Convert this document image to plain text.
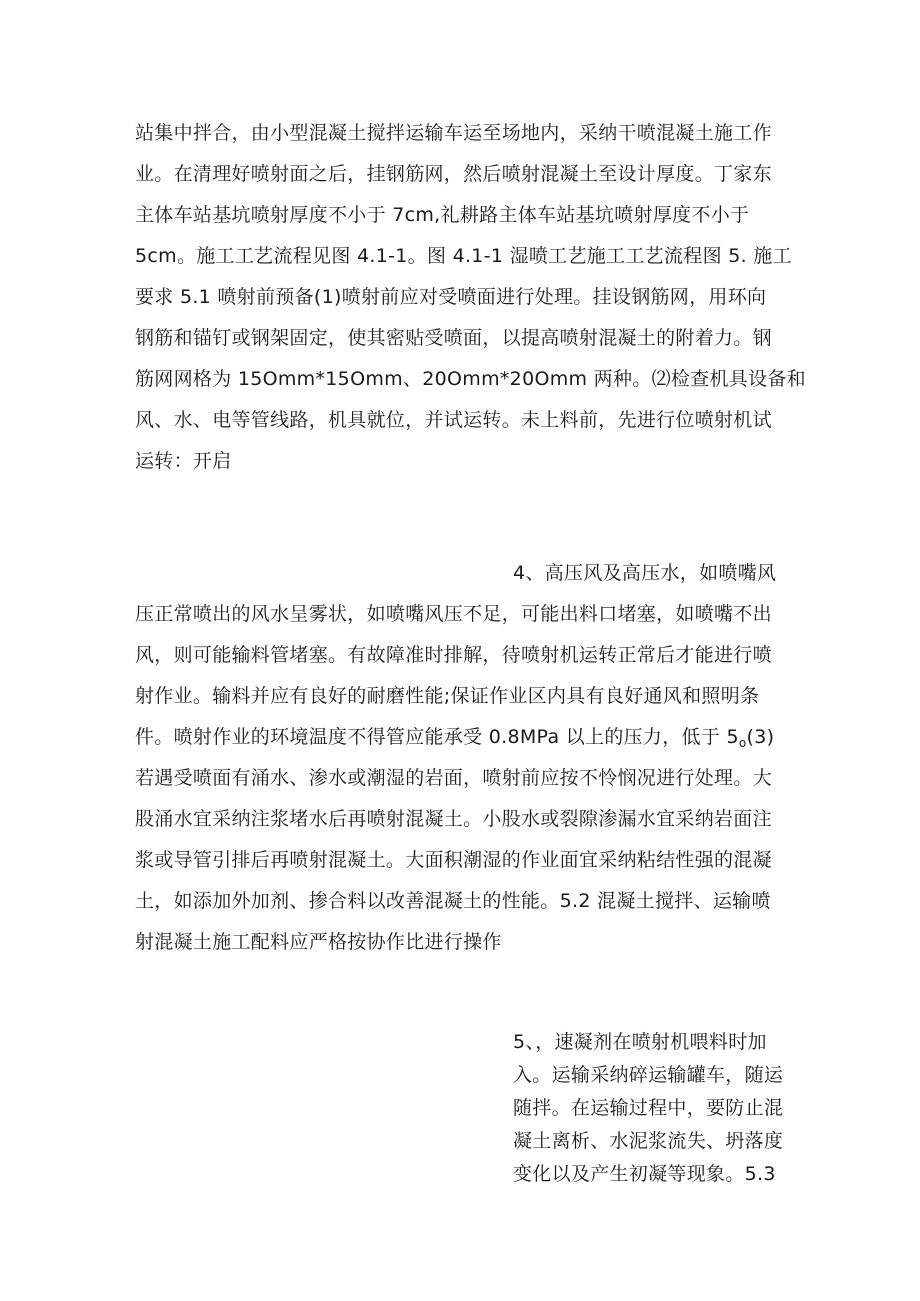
站集中拌合，由小型混凝土搅拌运输车运至场地内，采纳干喷混凝土施工作
业。在清理好喷射面之后，挂钢筋网，然后喷射混凝土至设计厚度。丁家东
主体车站基坑喷射厚度不小于 7cm,礼耕路主体车站基坑喷射厚度不小于
5cm。施工工艺流程见图 4.1-1。图 4.1-1 湿喷工艺施工工艺流程图 5. 施工
要求 5.1 喷射前预备(1)喷射前应对受喷面进行处理。挂设钢筋网，用环向
钢筋和锚钉或钢架固定，使其密贴受喷面，以提高喷射混凝土的附着力。钢
筋网网格为 15Omm*15Omm、20Omm*20Omm 两种。⑵检查机具设备和
风、水、电等管线路，机具就位，并试运转。未上料前，先进行位喷射机试
运转：开启
4、高压风及高压水，如喷嘴风
压正常喷出的风水呈雾状，如喷嘴风压不足，可能出料口堵塞，如喷嘴不出
风，则可能输料管堵塞。有故障准时排解，待喷射机运转正常后才能进行喷
射作业。输料并应有良好的耐磨性能;保证作业区内具有良好通风和照明条
件。喷射作业的环境温度不得管应能承受 0.8MPa 以上的压力，低于 $5_o(3)$
若遇受喷面有涌水、渗水或潮湿的岩面，喷射前应按不怜悯况进行处理。大
股涌水宜采纳注浆堵水后再喷射混凝土。小股水或裂隙渗漏水宜采纳岩面注
浆或导管引排后再喷射混凝土。大面积潮湿的作业面宜采纳粘结性强的混凝
土，如添加外加剂、掺合料以改善混凝土的性能。5.2 混凝土搅拌、运输喷
射混凝土施工配料应严格按协作比进行操作
5、，速凝剂在喷射机喂料时加
入。运输采纳碎运输罐车，随运
随拌。在运输过程中，要防止混
凝土离析、水泥浆流失、坍落度
变化以及产生初凝等现象。5.3
